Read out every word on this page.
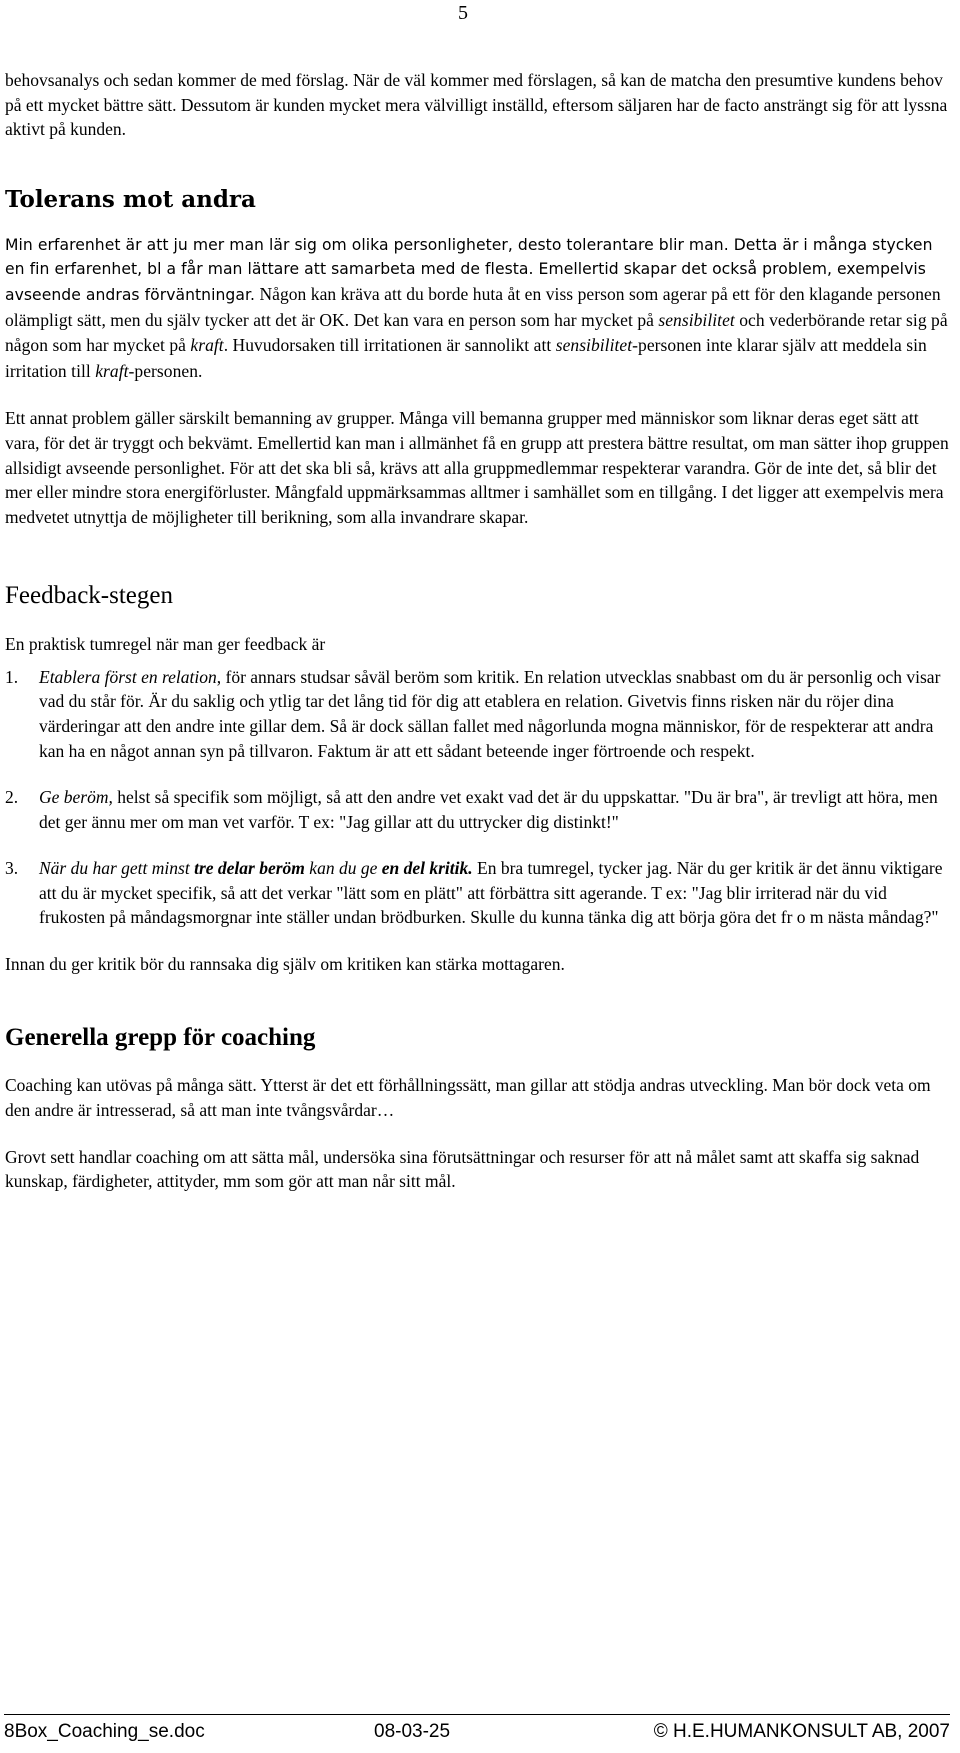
5

behovsanalys och sedan kommer de med förslag. När de väl kommer med förslagen, så kan de matcha den presumtive kundens behov på ett mycket bättre sätt. Dessutom är kunden mycket mera välvilligt inställd, eftersom säljaren har de facto ansträngt sig för att lyssna aktivt på kunden.

Tolerans mot andra

Min erfarenhet är att ju mer man lär sig om olika personligheter, desto tolerantare blir man. Detta är i många stycken en fin erfarenhet, bl a får man lättare att samarbeta med de flesta. Emellertid skapar det också problem, exempelvis avseende andras förväntningar. Någon kan kräva att du borde huta åt en viss person som agerar på ett för den klagande personen olämpligt sätt, men du själv tycker att det är OK. Det kan vara en person som har mycket på sensibilitet och vederbörande retar sig på någon som har mycket på kraft. Huvudorsaken till irritationen är sannolikt att sensibilitet-personen inte klarar själv att meddela sin irritation till kraft-personen.

Ett annat problem gäller särskilt bemanning av grupper. Många vill bemanna grupper med människor som liknar deras eget sätt att vara, för det är tryggt och bekvämt. Emellertid kan man i allmänhet få en grupp att prestera bättre resultat, om man sätter ihop gruppen allsidigt avseende personlighet. För att det ska bli så, krävs att alla gruppmedlemmar respekterar varandra. Gör de inte det, så blir det mer eller mindre stora energiförluster. Mångfald uppmärksammas alltmer i samhället som en tillgång. I det ligger att exempelvis mera medvetet utnyttja de möjligheter till berikning, som alla invandrare skapar.

Feedback-stegen

En praktisk tumregel när man ger feedback är

1.	Etablera först en relation, för annars studsar såväl beröm som kritik. En relation utvecklas snabbast om du är personlig och visar vad du står för. Är du saklig och ytlig tar det lång tid för dig att etablera en relation. Givetvis finns risken när du röjer dina värderingar att den andre inte gillar dem. Så är dock sällan fallet med någorlunda mogna människor, för de respekterar att andra kan ha en något annan syn på tillvaron. Faktum är att ett sådant beteende inger förtroende och respekt.
2.	Ge beröm, helst så specifik som möjligt, så att den andre vet exakt vad det är du uppskattar. "Du är bra", är trevligt att höra, men det ger ännu mer om man vet varför. T ex: "Jag gillar att du uttrycker dig distinkt!"
3.	När du har gett minst tre delar beröm kan du ge en del kritik. En bra tumregel, tycker jag. När du ger kritik är det ännu viktigare att du är mycket specifik, så att det verkar "lätt som en plätt" att förbättra sitt agerande. T ex: "Jag blir irriterad när du vid frukosten på måndagsmorgnar inte ställer undan brödburken. Skulle du kunna tänka dig att börja göra det fr o m nästa måndag?"

Innan du ger kritik bör du rannsaka dig själv om kritiken kan stärka mottagaren.

Generella grepp för coaching

Coaching kan utövas på många sätt. Ytterst är det ett förhållningssätt, man gillar att stödja andras utveckling. Man bör dock veta om den andre är intresserad, så att man inte tvångsvårdar…

Grovt sett handlar coaching om att sätta mål, undersöka sina förutsättningar och resurser för att nå målet samt att skaffa sig saknad kunskap, färdigheter, attityder, mm som gör att man når sitt mål.

8Box_Coaching_se.doc	08-03-25	© H.E.HUMANKONSULT AB, 2007
